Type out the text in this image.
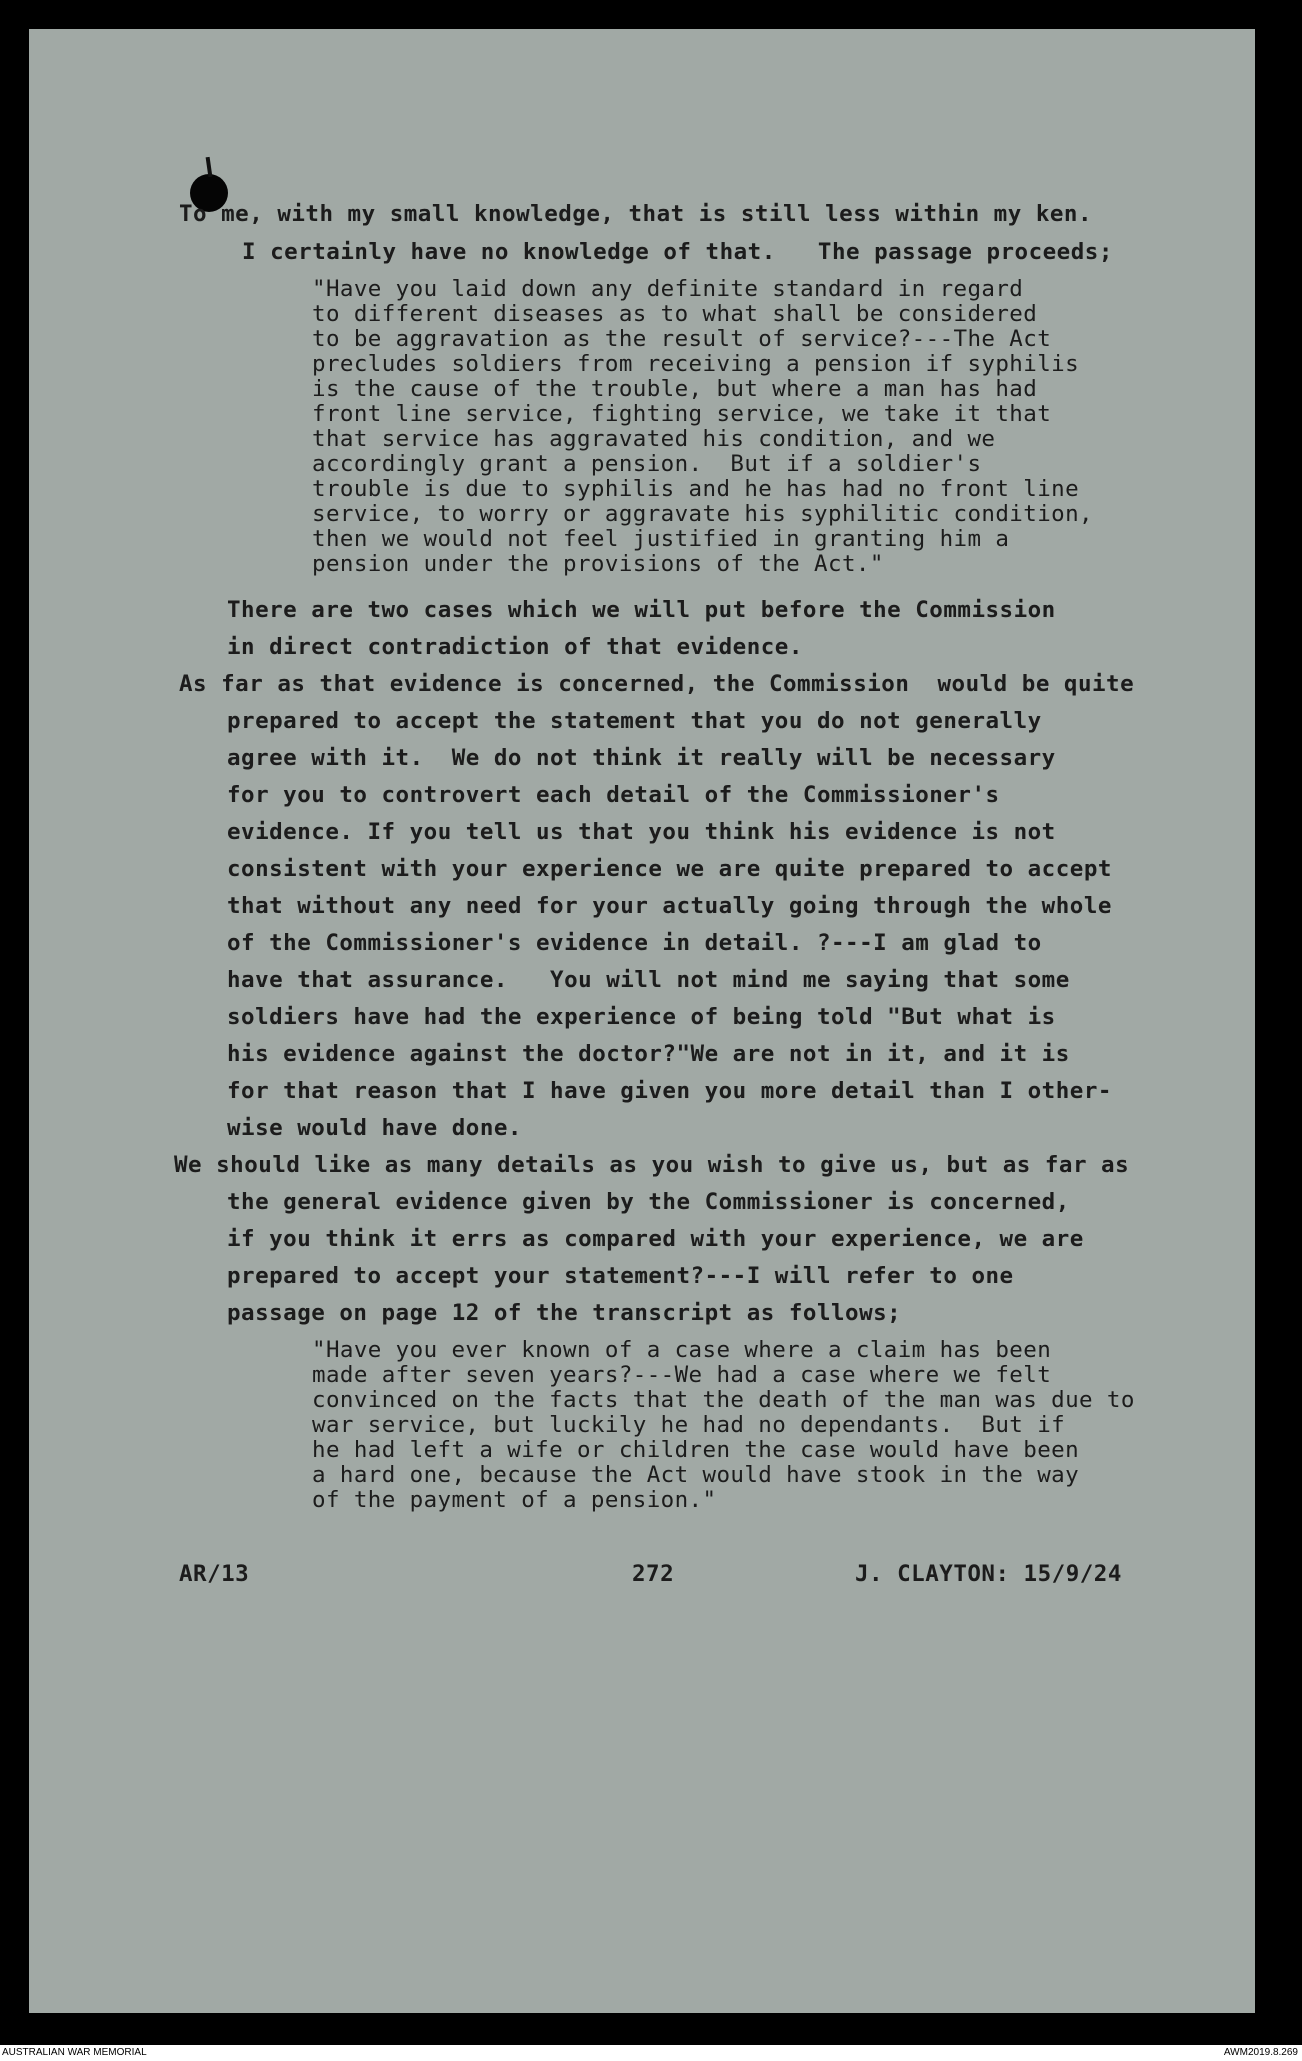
To me, with my small knowledge, that is still less within my ken.
I certainly have no knowledge of that.   The passage proceeds;
"Have you laid down any definite standard in regard
to different diseases as to what shall be considered
to be aggravation as the result of service?---The Act
precludes soldiers from receiving a pension if syphilis
is the cause of the trouble, but where a man has had
front line service, fighting service, we take it that
that service has aggravated his condition, and we
accordingly grant a pension.  But if a soldier's
trouble is due to syphilis and he has had no front line
service, to worry or aggravate his syphilitic condition,
then we would not feel justified in granting him a
pension under the provisions of the Act."
There are two cases which we will put before the Commission
in direct contradiction of that evidence.
As far as that evidence is concerned, the Commission  would be quite
prepared to accept the statement that you do not generally
agree with it.  We do not think it really will be necessary
for you to controvert each detail of the Commissioner's
evidence. If you tell us that you think his evidence is not
consistent with your experience we are quite prepared to accept
that without any need for your actually going through the whole
of the Commissioner's evidence in detail. ?---I am glad to
have that assurance.   You will not mind me saying that some
soldiers have had the experience of being told "But what is
his evidence against the doctor?"We are not in it, and it is
for that reason that I have given you more detail than I other-
wise would have done.
We should like as many details as you wish to give us, but as far as
the general evidence given by the Commissioner is concerned,
if you think it errs as compared with your experience, we are
prepared to accept your statement?---I will refer to one
passage on page 12 of the transcript as follows;
"Have you ever known of a case where a claim has been
made after seven years?---We had a case where we felt
convinced on the facts that the death of the man was due to
war service, but luckily he had no dependants.  But if
he had left a wife or children the case would have been
a hard one, because the Act would have stook in the way
of the payment of a pension."
AR/13	272	J. CLAYTON: 15/9/24
AUSTRALIAN WAR MEMORIAL	AWM2019.8.269
